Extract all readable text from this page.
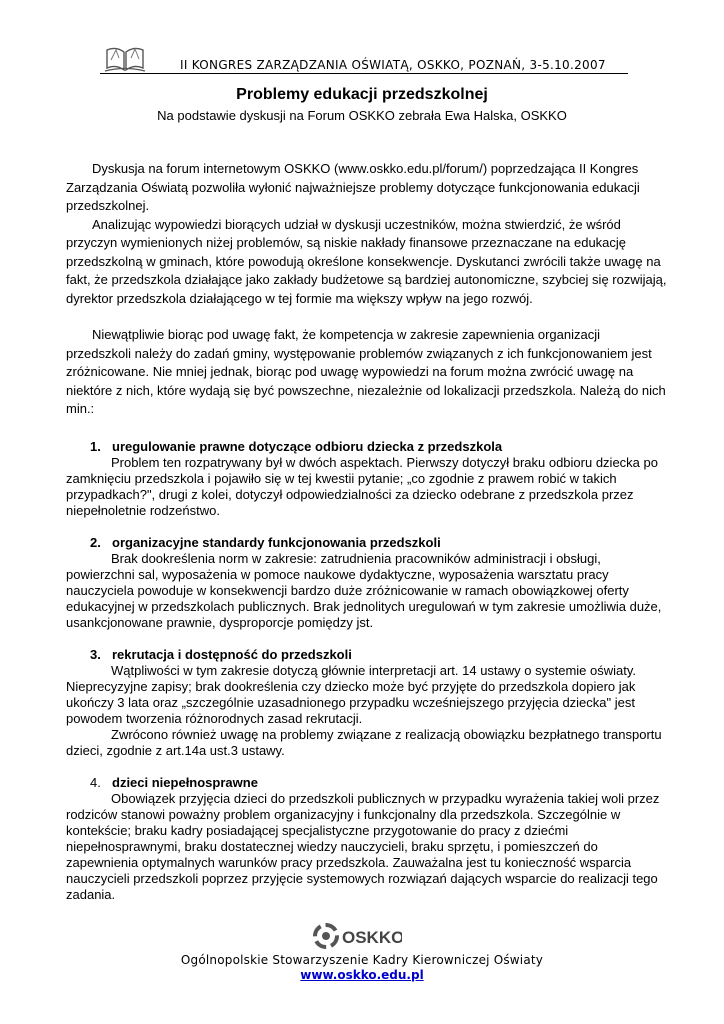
II KONGRES ZARZĄDZANIA OŚWIATĄ, OSKKO, POZNAŃ, 3-5.10.2007
Problemy edukacji przedszkolnej
Na podstawie dyskusji na Forum OSKKO zebrała Ewa Halska, OSKKO

Dyskusja na forum internetowym OSKKO (www.oskko.edu.pl/forum/) poprzedzająca II Kongres Zarządzania Oświatą pozwoliła wyłonić najważniejsze problemy dotyczące funkcjonowania edukacji przedszkolnej.

Analizując wypowiedzi biorących udział w dyskusji uczestników, można stwierdzić, że wśród przyczyn wymienionych niżej problemów, są niskie nakłady finansowe przeznaczane na edukację przedszkolną w gminach, które powodują określone konsekwencje. Dyskutanci zwrócili także uwagę na fakt, że przedszkola działające jako zakłady budżetowe są bardziej autonomiczne, szybciej się rozwijają, dyrektor przedszkola działającego w tej formie ma większy wpływ na jego rozwój.

Niewątpliwie biorąc pod uwagę fakt, że kompetencja w zakresie zapewnienia organizacji przedszkoli należy do zadań gminy, występowanie problemów związanych z ich funkcjonowaniem jest zróżnicowane. Nie mniej jednak, biorąc pod uwagę wypowiedzi na forum można zwrócić uwagę na niektóre z nich, które wydają się być powszechne, niezależnie od lokalizacji przedszkola. Należą do nich min.:

1. uregulowanie prawne dotyczące odbioru dziecka z przedszkola

Problem ten rozpatrywany był w dwóch aspektach. Pierwszy dotyczył braku odbioru dziecka po zamknięciu przedszkola i pojawiło się w tej kwestii pytanie; „co zgodnie z prawem robić w takich przypadkach?", drugi z kolei, dotyczył odpowiedzialności za dziecko odebrane z przedszkola przez niepełnoletnie rodzeństwo.

2. organizacyjne standardy funkcjonowania przedszkoli

Brak dookreślenia norm w zakresie: zatrudnienia pracowników administracji i obsługi, powierzchni sal, wyposażenia w pomoce naukowe dydaktyczne, wyposażenia warsztatu pracy nauczyciela powoduje w konsekwencji bardzo duże zróżnicowanie w ramach obowiązkowej oferty edukacyjnej w przedszkolach publicznych. Brak jednolitych uregulowań w tym zakresie umożliwia duże, usankcjonowane prawnie, dysproporcje pomiędzy jst.

3. rekrutacja i dostępność do przedszkoli

Wątpliwości w tym zakresie dotyczą głównie interpretacji art. 14 ustawy o systemie oświaty. Nieprecyzyjne zapisy; brak dookreślenia czy dziecko może być przyjęte do przedszkola dopiero jak ukończy 3 lata oraz „szczególnie uzasadnionego przypadku wcześniejszego przyjęcia dziecka" jest powodem tworzenia różnorodnych zasad rekrutacji.

Zwrócono również uwagę na problemy związane z realizacją obowiązku bezpłatnego transportu dzieci, zgodnie z art.14a ust.3 ustawy.

4. dzieci niepełnosprawne

Obowiązek przyjęcia dzieci do przedszkoli publicznych w przypadku wyrażenia takiej woli przez rodziców stanowi poważny problem organizacyjny i funkcjonalny dla przedszkola. Szczególnie w kontekście; braku kadry posiadającej specjalistyczne przygotowanie do pracy z dziećmi niepełnosprawnymi, braku dostatecznej wiedzy nauczycieli, braku sprzętu, i pomieszczeń do zapewnienia optymalnych warunków pracy przedszkola. Zauważalna jest tu konieczność wsparcia nauczycieli przedszkoli poprzez przyjęcie systemowych rozwiązań dających wsparcie do realizacji tego zadania.

OSKKO
Ogólnopolskie Stowarzyszenie Kadry Kierowniczej Oświaty
www.oskko.edu.pl
